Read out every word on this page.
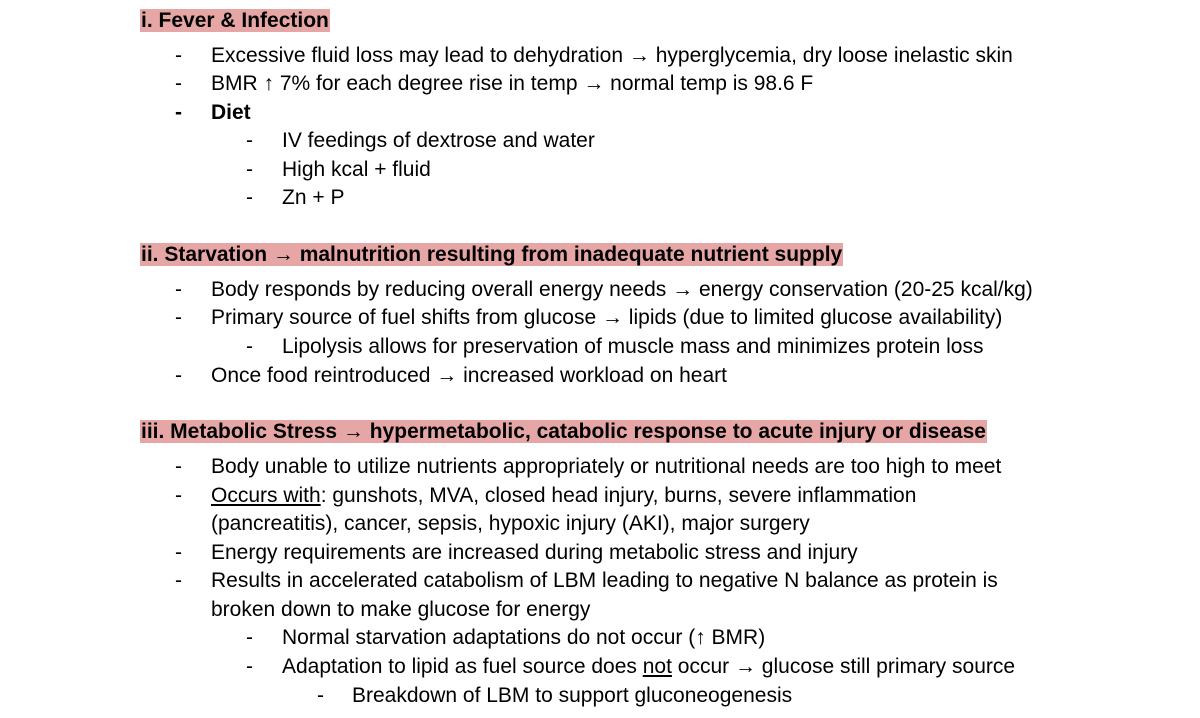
i. Fever & Infection
- Excessive fluid loss may lead to dehydration → hyperglycemia, dry loose inelastic skin
- BMR ↑ 7% for each degree rise in temp → normal temp is 98.6 F
- Diet
- IV feedings of dextrose and water
- High kcal + fluid
- Zn + P
ii. Starvation → malnutrition resulting from inadequate nutrient supply
- Body responds by reducing overall energy needs → energy conservation (20-25 kcal/kg)
- Primary source of fuel shifts from glucose → lipids (due to limited glucose availability)
- Lipolysis allows for preservation of muscle mass and minimizes protein loss
- Once food reintroduced → increased workload on heart
iii. Metabolic Stress → hypermetabolic, catabolic response to acute injury or disease
- Body unable to utilize nutrients appropriately or nutritional needs are too high to meet
- Occurs with: gunshots, MVA, closed head injury, burns, severe inflammation
(pancreatitis), cancer, sepsis, hypoxic injury (AKI), major surgery
- Energy requirements are increased during metabolic stress and injury
- Results in accelerated catabolism of LBM leading to negative N balance as protein is
broken down to make glucose for energy
- Normal starvation adaptations do not occur (↑ BMR)
- Adaptation to lipid as fuel source does not occur → glucose still primary source
- Breakdown of LBM to support gluconeogenesis
